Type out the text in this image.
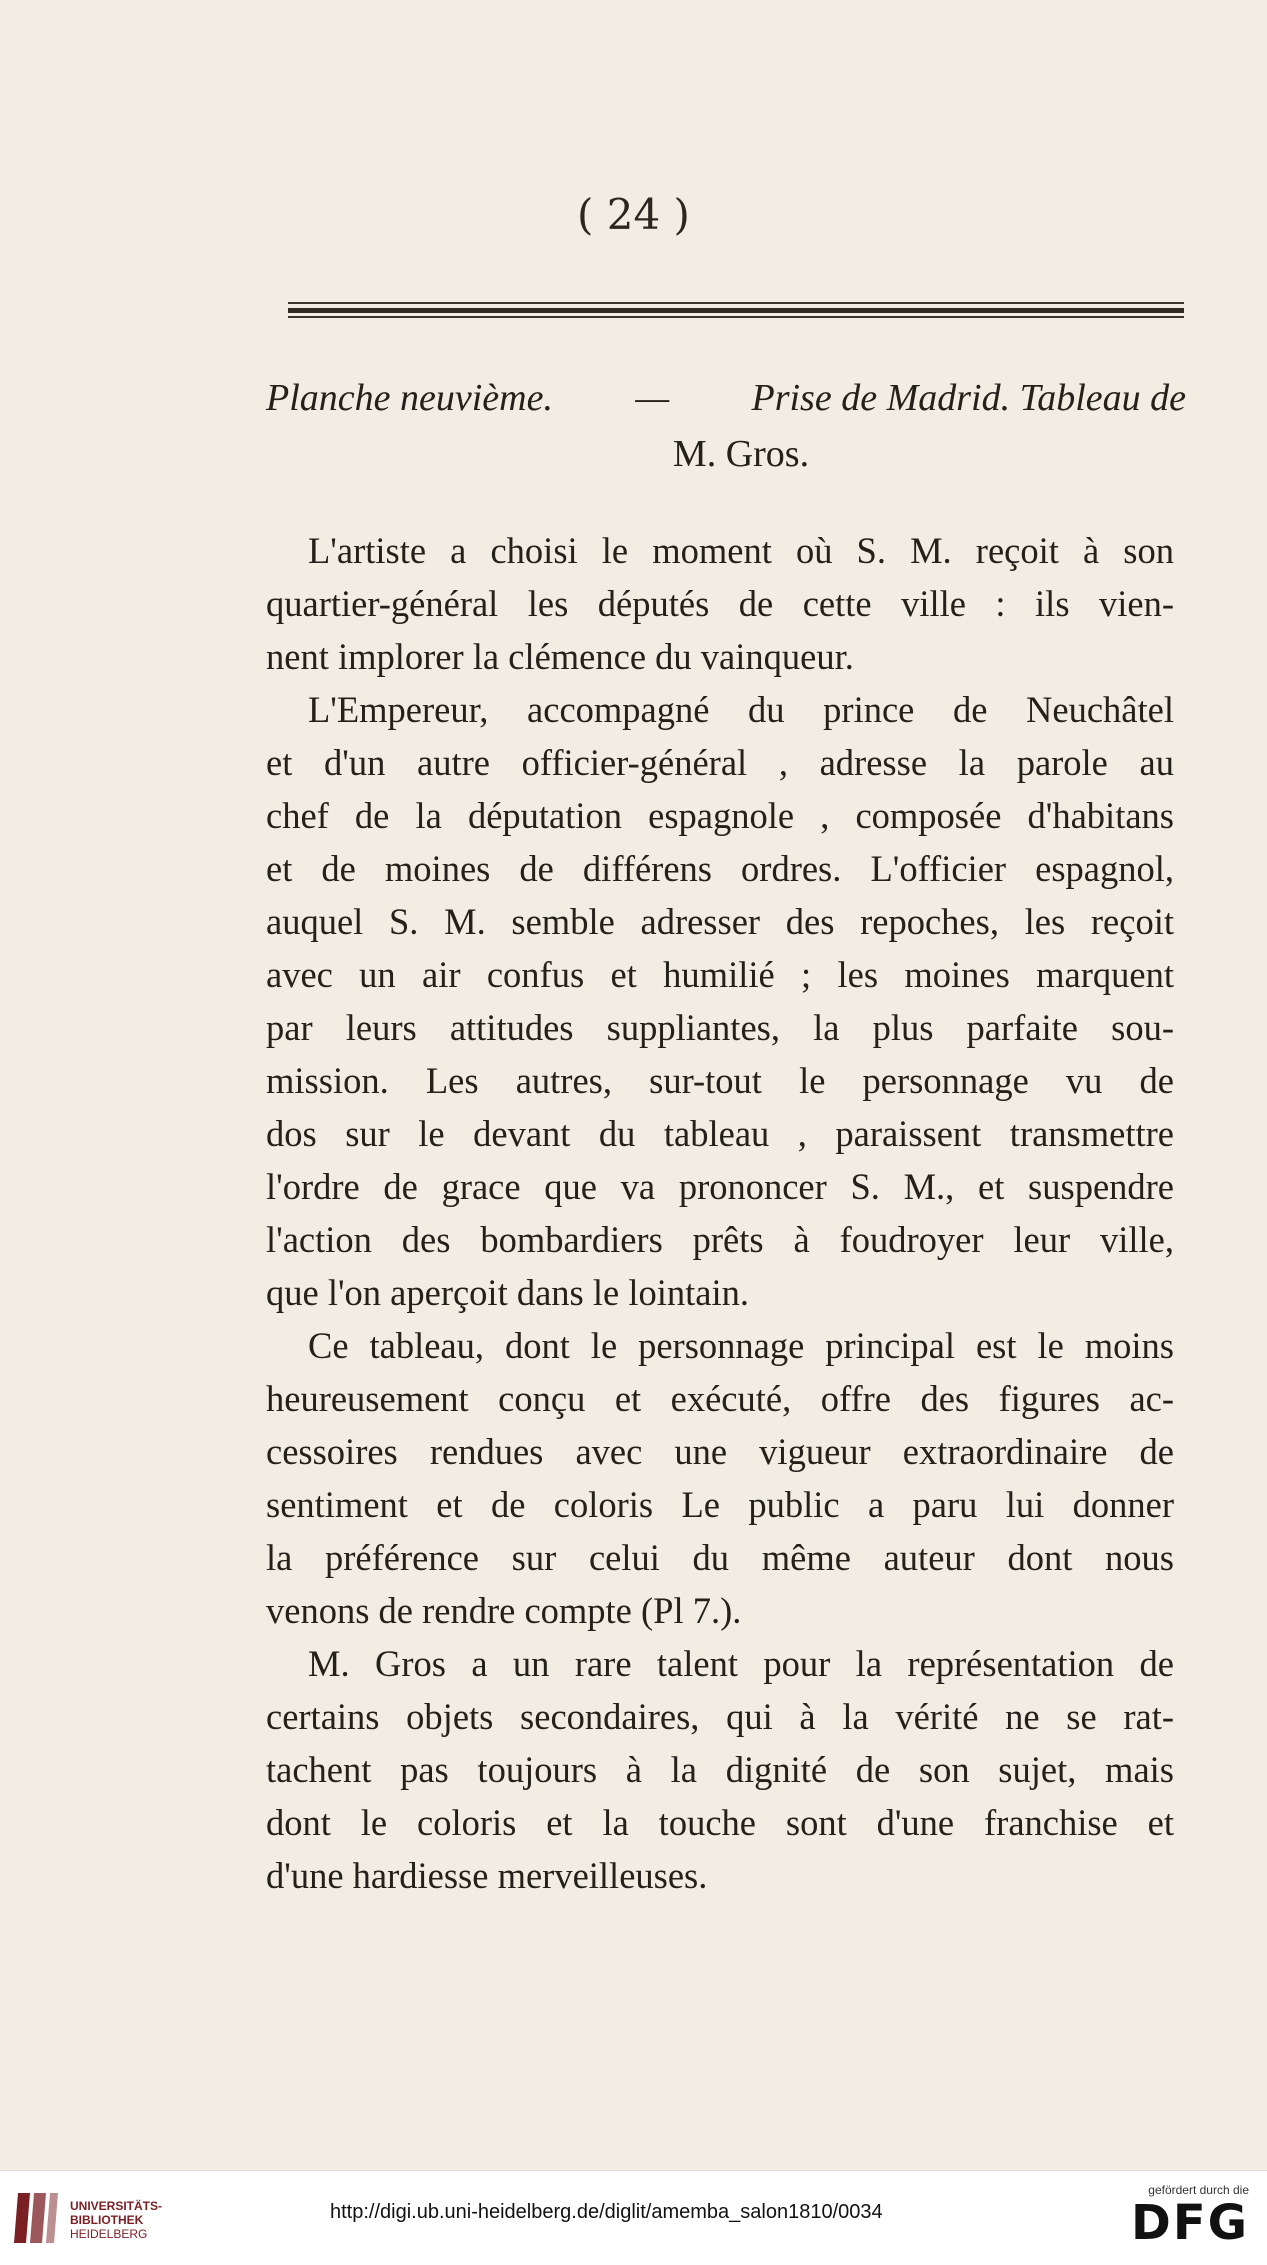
( 24 )
Planche neuvième. — Prise de Madrid. Tableau de
M. Gros.
L'artiste a choisi le moment où S. M. reçoit à son
quartier-général les députés de cette ville : ils vien-
nent implorer la clémence du vainqueur.
L'Empereur, accompagné du prince de Neuchâtel
et d'un autre officier-général , adresse la parole au
chef de la députation espagnole , composée d'habitans
et de moines de différens ordres. L'officier espagnol,
auquel S. M. semble adresser des repoches, les reçoit
avec un air confus et humilié ; les moines marquent
par leurs attitudes suppliantes, la plus parfaite sou-
mission. Les autres, sur-tout le personnage vu de
dos sur le devant du tableau , paraissent transmettre
l'ordre de grace que va prononcer S. M., et suspendre
l'action des bombardiers prêts à foudroyer leur ville,
que l'on aperçoit dans le lointain.
Ce tableau, dont le personnage principal est le moins
heureusement conçu et exécuté, offre des figures ac-
cessoires rendues avec une vigueur extraordinaire de
sentiment et de coloris Le public a paru lui donner
la préférence sur celui du même auteur dont nous
venons de rendre compte (Pl 7.).
M. Gros a un rare talent pour la représentation de
certains objets secondaires, qui à la vérité ne se rat-
tachent pas toujours à la dignité de son sujet, mais
dont le coloris et la touche sont d'une franchise et
d'une hardiesse merveilleuses.
UNIVERSITÄTS-
BIBLIOTHEK
HEIDELBERG
http://digi.ub.uni-heidelberg.de/diglit/amemba_salon1810/0034
gefördert durch die
DFG
